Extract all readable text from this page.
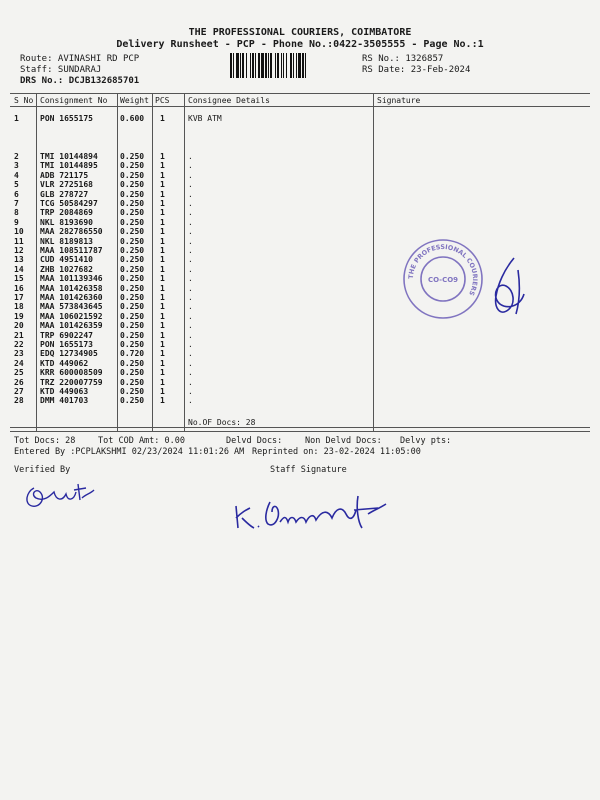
THE PROFESSIONAL COURIERS, COIMBATORE
Delivery Runsheet - PCP - Phone No.:0422-3505555 - Page No.:1
Route: AVINASHI RD PCP
Staff: SUNDARAJ
DRS No.: DCJB132685701
RS No.: 1326857
RS Date: 23-Feb-2024
S No Consignment No Weight PCS Consignee Details	Signature
1	PON 1655175	0.600 1	KVB ATM
2	TMI 10144894	0.250 1	.
3	TMI 10144895	0.250 1	.
4	ADB 721175	0.250 1	.
5	VLR 2725168	0.250 1	.
6	GLB 278727	0.250 1	.
7	TCG 50584297	0.250 1	.
8	TRP 2084869	0.250 1	.
9	NKL 8193690	0.250 1	.
10 MAA 282786550 0.250 1	.
11 NKL 8189813	0.250 1	.
12 MAA 108511787 0.250 1	.
13 CUD 4951410	0.250 1	.
14 ZHB 1027682	0.250 1	.
15 MAA 101139346 0.250 1	.
16 MAA 101426358 0.250 1	.
17 MAA 101426360 0.250 1	.
18 MAA 573843645 0.250 1	.
19 MAA 106021592 0.250 1	.
20 MAA 101426359 0.250 1	.
21 TRP 6902247	0.250 1	.
22 PON 1655173	0.250 1	.
23 EDQ 12734905	0.720 1	.
24 KTD 449062	0.250 1	.
25 KRR 600008509 0.250 1	.
26 TRZ 220007759 0.250 1	.
27 KTD 449063	0.250 1	.
28 DMM 401703	0.250 1	.
No.OF Docs: 28
Tot Docs: 28	Tot COD Amt: 0.00	Delvd Docs:	Non Delvd Docs: Delvy pts:
Entered By :PCPLAKSHMI 02/23/2024 11:01:26 AM Reprinted on: 23-02-2024 11:05:00
Verified By	Staff Signature
THE PROFESSIONAL COURIERS
CO-CO9
